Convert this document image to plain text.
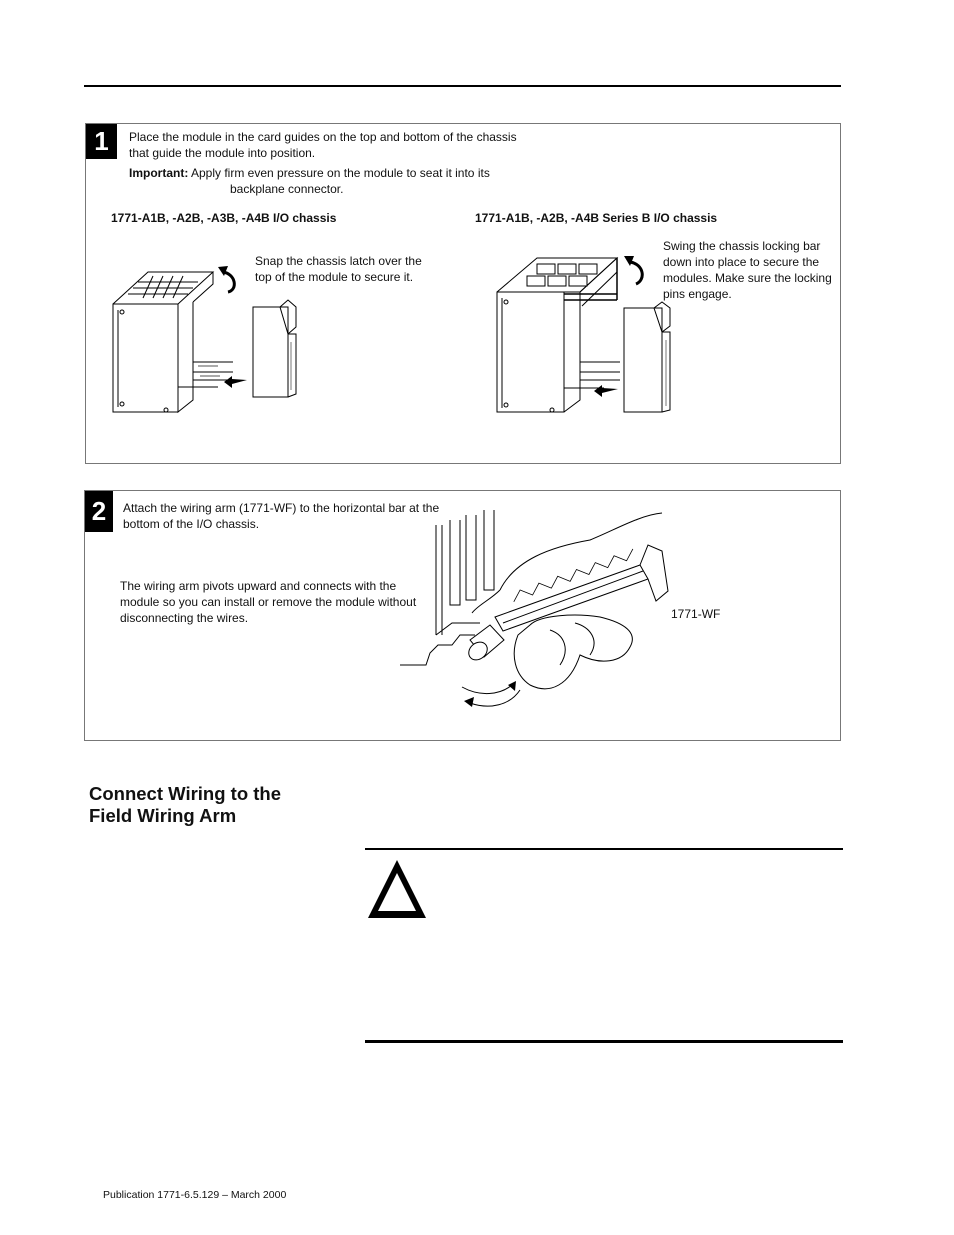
1	Place the module in the card guides on the top and bottom of the chassis
that guide the module into position.
Important: Apply firm even pressure on the module to seat it into its
backplane connector.
1771-A1B, -A2B, -A3B, -A4B I/O chassis	1771-A1B, -A2B, -A4B Series B I/O chassis
Snap the chassis latch over the
top of the module to secure it.
Swing the chassis locking bar
down into place to secure the
modules. Make sure the locking
pins engage.
2	Attach the wiring arm (1771-WF) to the horizontal bar at the
bottom of the I/O chassis.
The wiring arm pivots upward and connects with the
module so you can install or remove the module without
disconnecting the wires.	1771-WF
Connect Wiring to the
Field Wiring Arm
Publication 1771-6.5.129 – March 2000
